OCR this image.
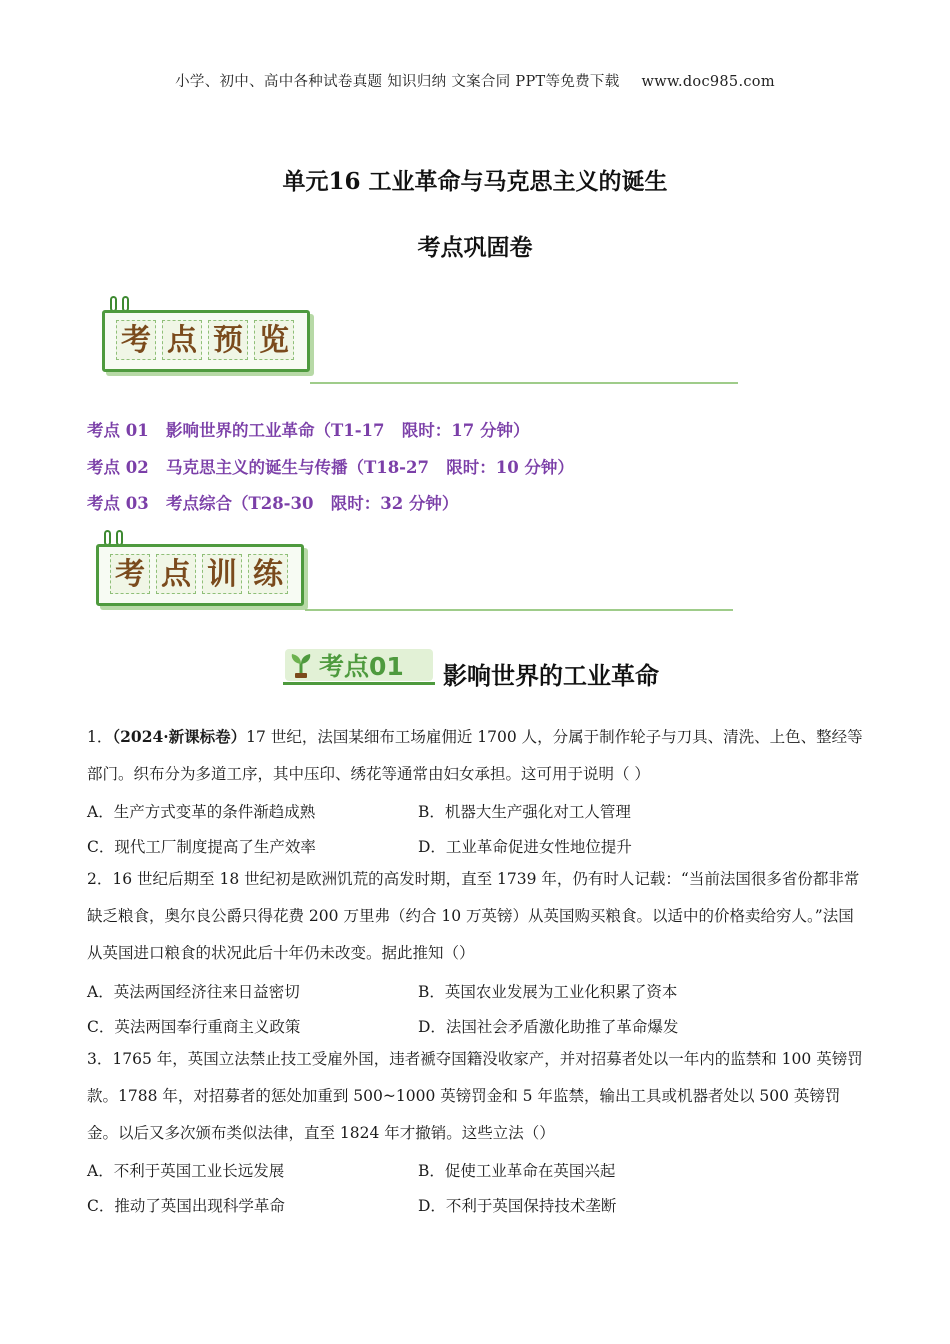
小学、初中、高中各种试卷真题 知识归纳 文案合同 PPT等免费下载 www.doc985.com
单元16 工业革命与马克思主义的诞生
考点巩固卷
考 点 预 览
考点 01   影响世界的工业革命（T1-17   限时：17 分钟）
考点 02   马克思主义的诞生与传播（T18-27   限时：10 分钟）
考点 03   考点综合（T28-30   限时：32 分钟）
考 点 训 练
考点01 影响世界的工业革命
1．（2024·新课标卷）17 世纪，法国某细布工场雇佣近 1700 人，分属于制作轮子与刀具、清洗、上色、整经等部门。织布分为多道工序，其中压印、绣花等通常由妇女承担。这可用于说明（ ）
A．生产方式变革的条件渐趋成熟	B．机器大生产强化对工人管理
C．现代工厂制度提高了生产效率	D．工业革命促进女性地位提升
2．16 世纪后期至 18 世纪初是欧洲饥荒的高发时期，直至 1739 年，仍有时人记载：“当前法国很多省份都非常缺乏粮食，奥尔良公爵只得花费 200 万里弗（约合 10 万英镑）从英国购买粮食。以适中的价格卖给穷人。”法国从英国进口粮食的状况此后十年仍未改变。据此推知（）
A．英法两国经济往来日益密切	B．英国农业发展为工业化积累了资本
C．英法两国奉行重商主义政策	D．法国社会矛盾激化助推了革命爆发
3．1765 年，英国立法禁止技工受雇外国，违者褫夺国籍没收家产，并对招募者处以一年内的监禁和 100 英镑罚款。1788 年，对招募者的惩处加重到 500~1000 英镑罚金和 5 年监禁，输出工具或机器者处以 500 英镑罚金。以后又多次颁布类似法律，直至 1824 年才撤销。这些立法（）
A．不利于英国工业长远发展	B．促使工业革命在英国兴起
C．推动了英国出现科学革命	D．不利于英国保持技术垄断
